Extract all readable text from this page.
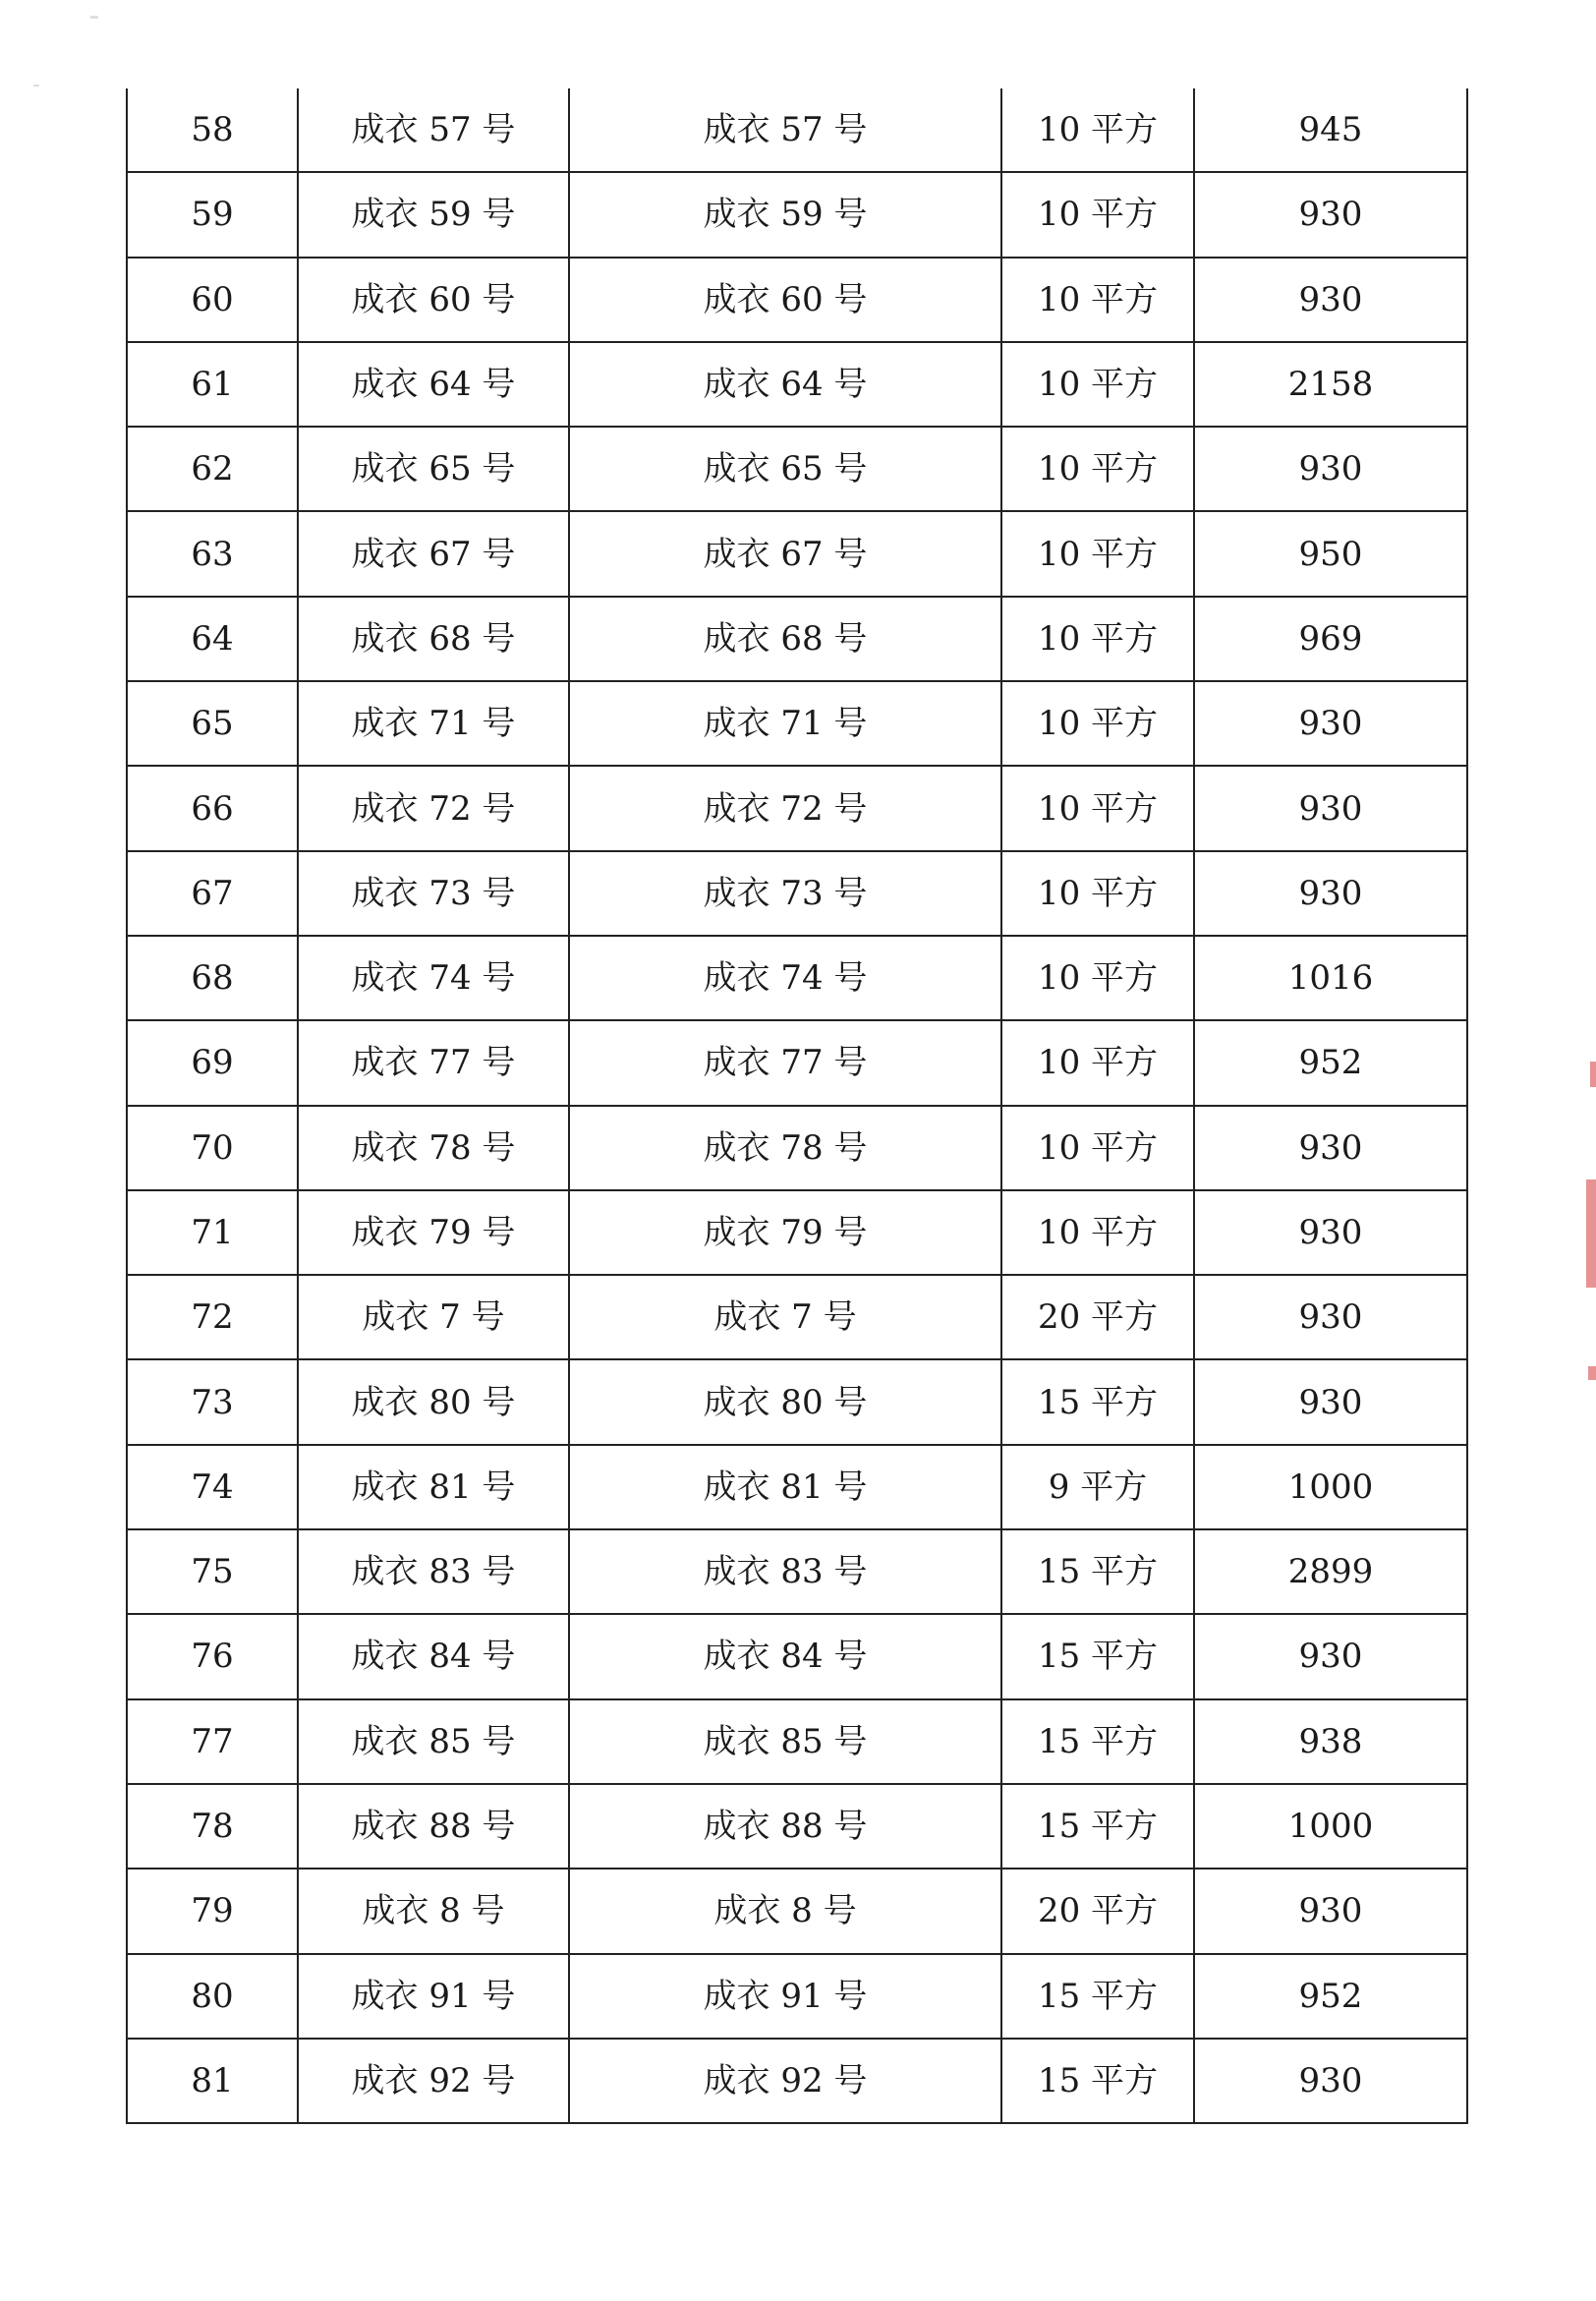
58	成衣 57 号	成衣 57 号	10 平方	945
59	成衣 59 号	成衣 59 号	10 平方	930
60	成衣 60 号	成衣 60 号	10 平方	930
61	成衣 64 号	成衣 64 号	10 平方	2158
62	成衣 65 号	成衣 65 号	10 平方	930
63	成衣 67 号	成衣 67 号	10 平方	950
64	成衣 68 号	成衣 68 号	10 平方	969
65	成衣 71 号	成衣 71 号	10 平方	930
66	成衣 72 号	成衣 72 号	10 平方	930
67	成衣 73 号	成衣 73 号	10 平方	930
68	成衣 74 号	成衣 74 号	10 平方	1016
69	成衣 77 号	成衣 77 号	10 平方	952
70	成衣 78 号	成衣 78 号	10 平方	930
71	成衣 79 号	成衣 79 号	10 平方	930
72	成衣 7 号	成衣 7 号	20 平方	930
73	成衣 80 号	成衣 80 号	15 平方	930
74	成衣 81 号	成衣 81 号	9 平方	1000
75	成衣 83 号	成衣 83 号	15 平方	2899
76	成衣 84 号	成衣 84 号	15 平方	930
77	成衣 85 号	成衣 85 号	15 平方	938
78	成衣 88 号	成衣 88 号	15 平方	1000
79	成衣 8 号	成衣 8 号	20 平方	930
80	成衣 91 号	成衣 91 号	15 平方	952
81	成衣 92 号	成衣 92 号	15 平方	930
